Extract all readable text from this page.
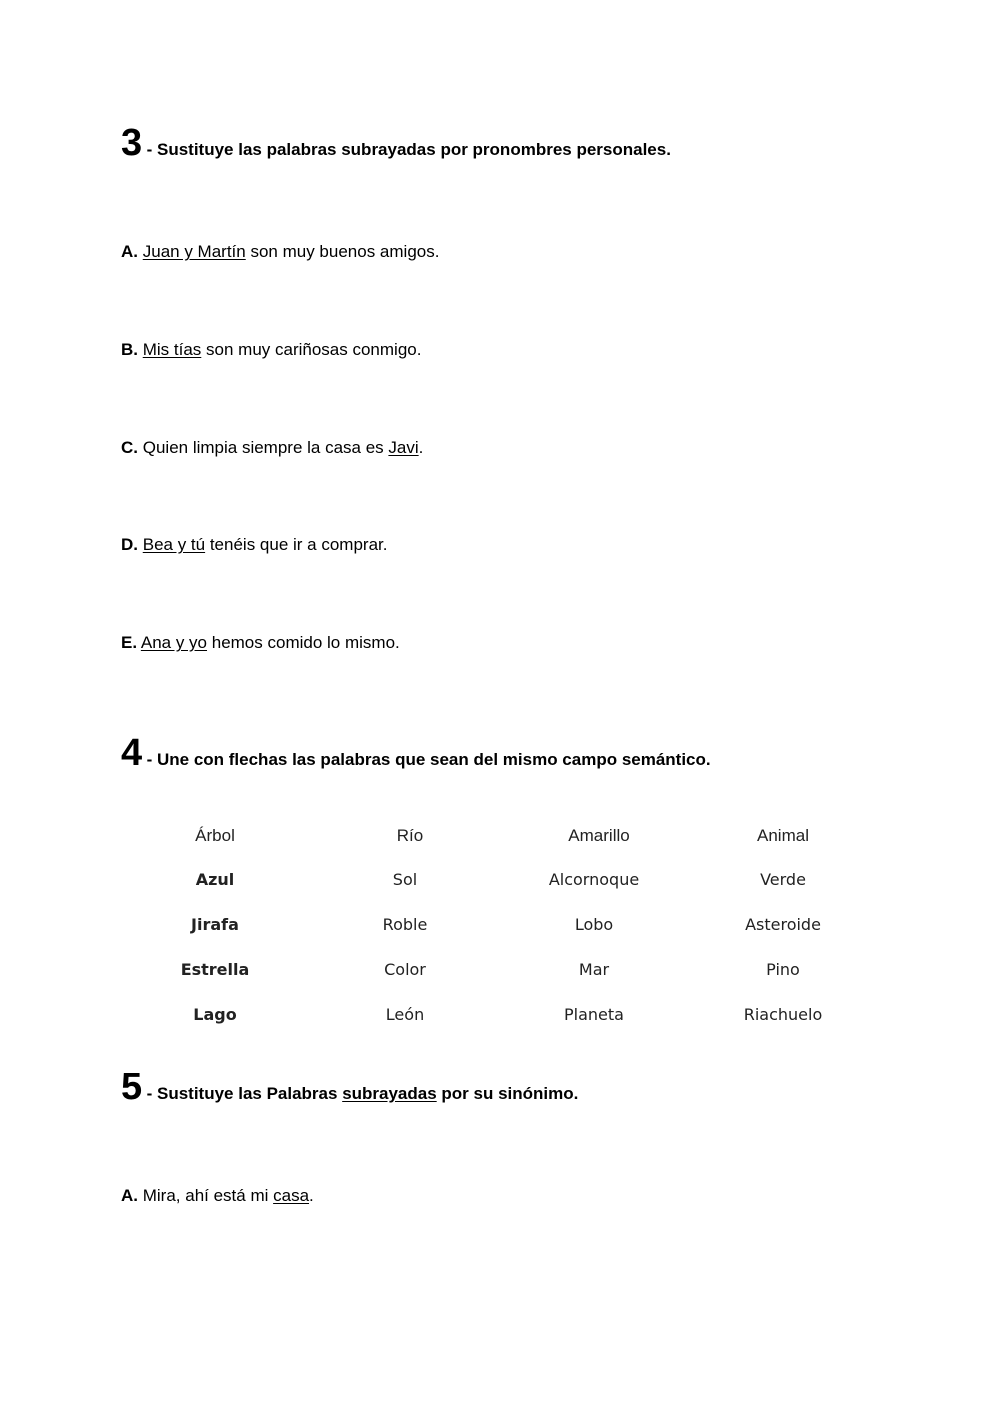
3 - Sustituye las palabras subrayadas por pronombres personales.
A. Juan y Martín son muy buenos amigos.
B. Mis tías son muy cariñosas conmigo.
C. Quien limpia siempre la casa es Javi.
D. Bea y tú tenéis que ir a comprar.
E. Ana y yo hemos comido lo mismo.
4 - Une con flechas las palabras que sean del mismo campo semántico.
Árbol	Río	Amarillo	Animal
Azul	Sol	Alcornoque	Verde
Jirafa	Roble	Lobo	Asteroide
Estrella	Color	Mar	Pino
Lago	León	Planeta	Riachuelo
5 - Sustituye las Palabras subrayadas por su sinónimo.
A. Mira, ahí está mi casa.
